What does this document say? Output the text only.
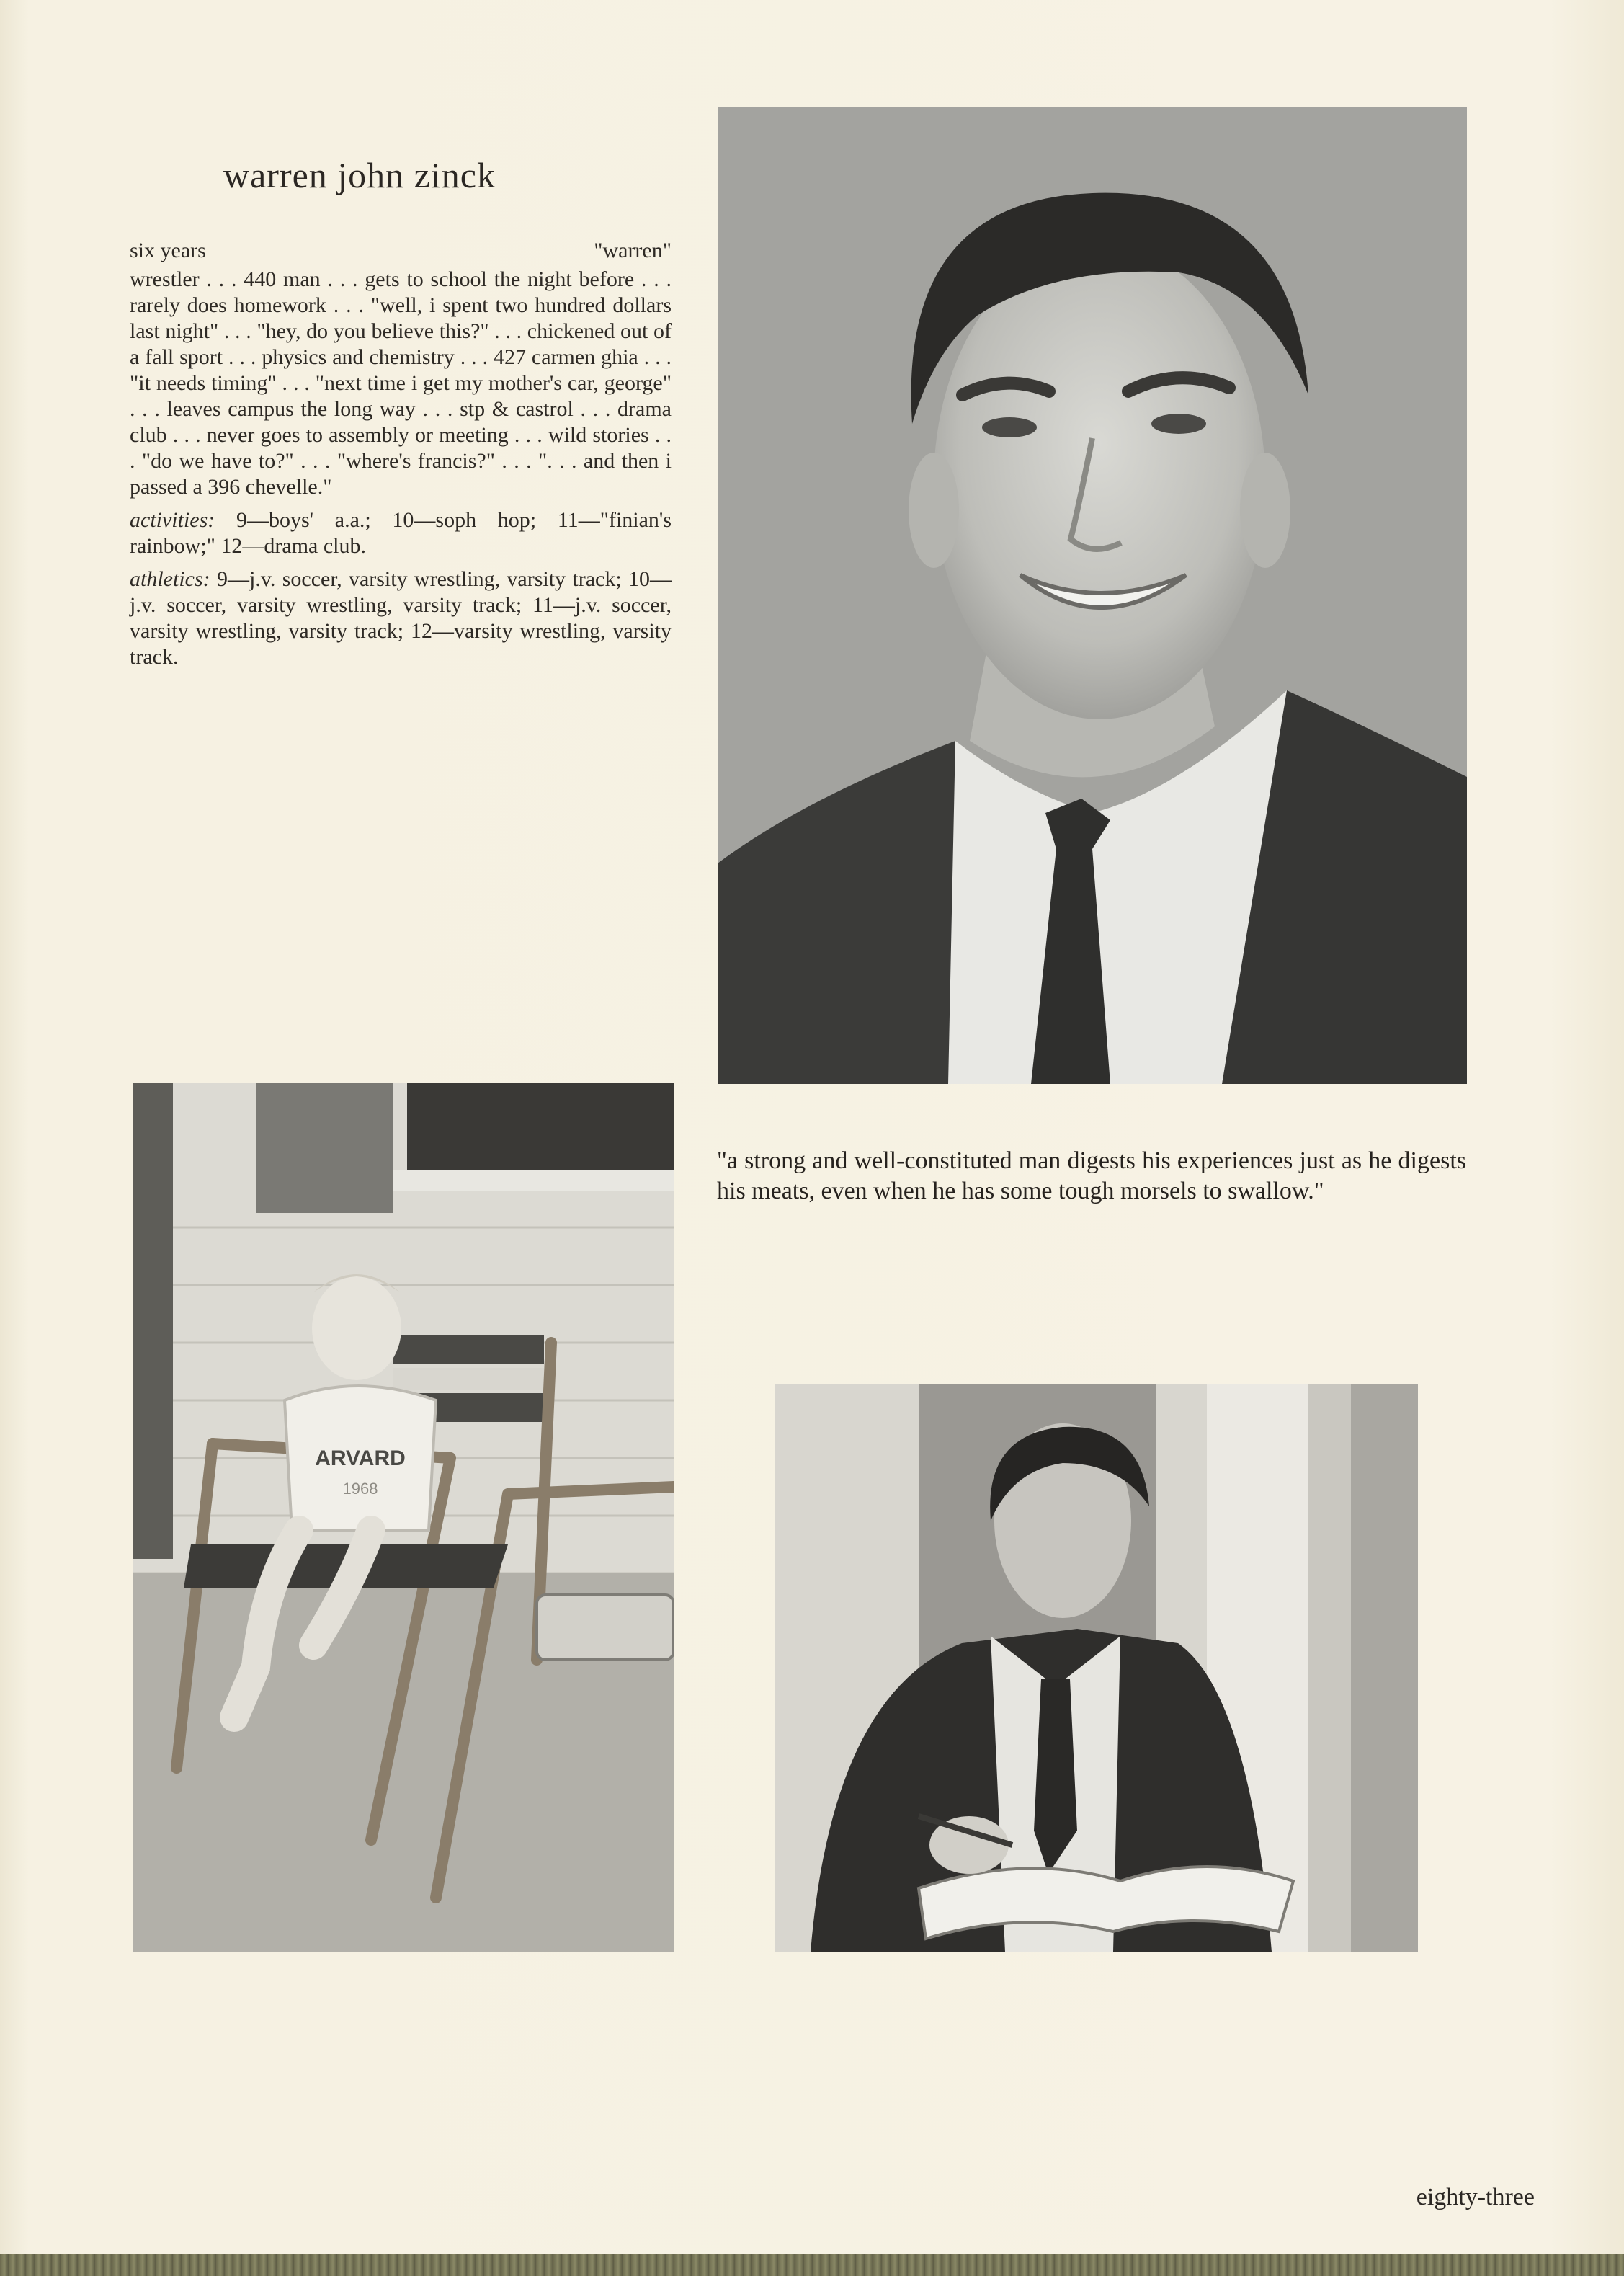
warren john zinck
six years	"warren"

wrestler . . . 440 man . . . gets to school the night before . . . rarely does homework . . . "well, i spent two hundred dollars last night" . . . "hey, do you believe this?" . . . chickened out of a fall sport . . . physics and chemistry . . . 427 carmen ghia . . . "it needs timing" . . . "next time i get my mother's car, george" . . . leaves campus the long way . . . stp & castrol . . . drama club . . . never goes to assembly or meeting . . . wild stories . . . "do we have to?" . . . "where's francis?" . . . ". . . and then i passed a 396 chevelle."

activities: 9—boys' a.a.; 10—soph hop; 11—"finian's rainbow;" 12—drama club.

athletics: 9—j.v. soccer, varsity wrestling, varsity track; 10—j.v. soccer, varsity wrestling, varsity track; 11—j.v. soccer, varsity wrestling, varsity track; 12—varsity wrestling, varsity track.

ARVARD
1968
"a strong and well-constituted man digests his experiences just as he digests his meats, even when he has some tough morsels to swallow."
eighty-three
